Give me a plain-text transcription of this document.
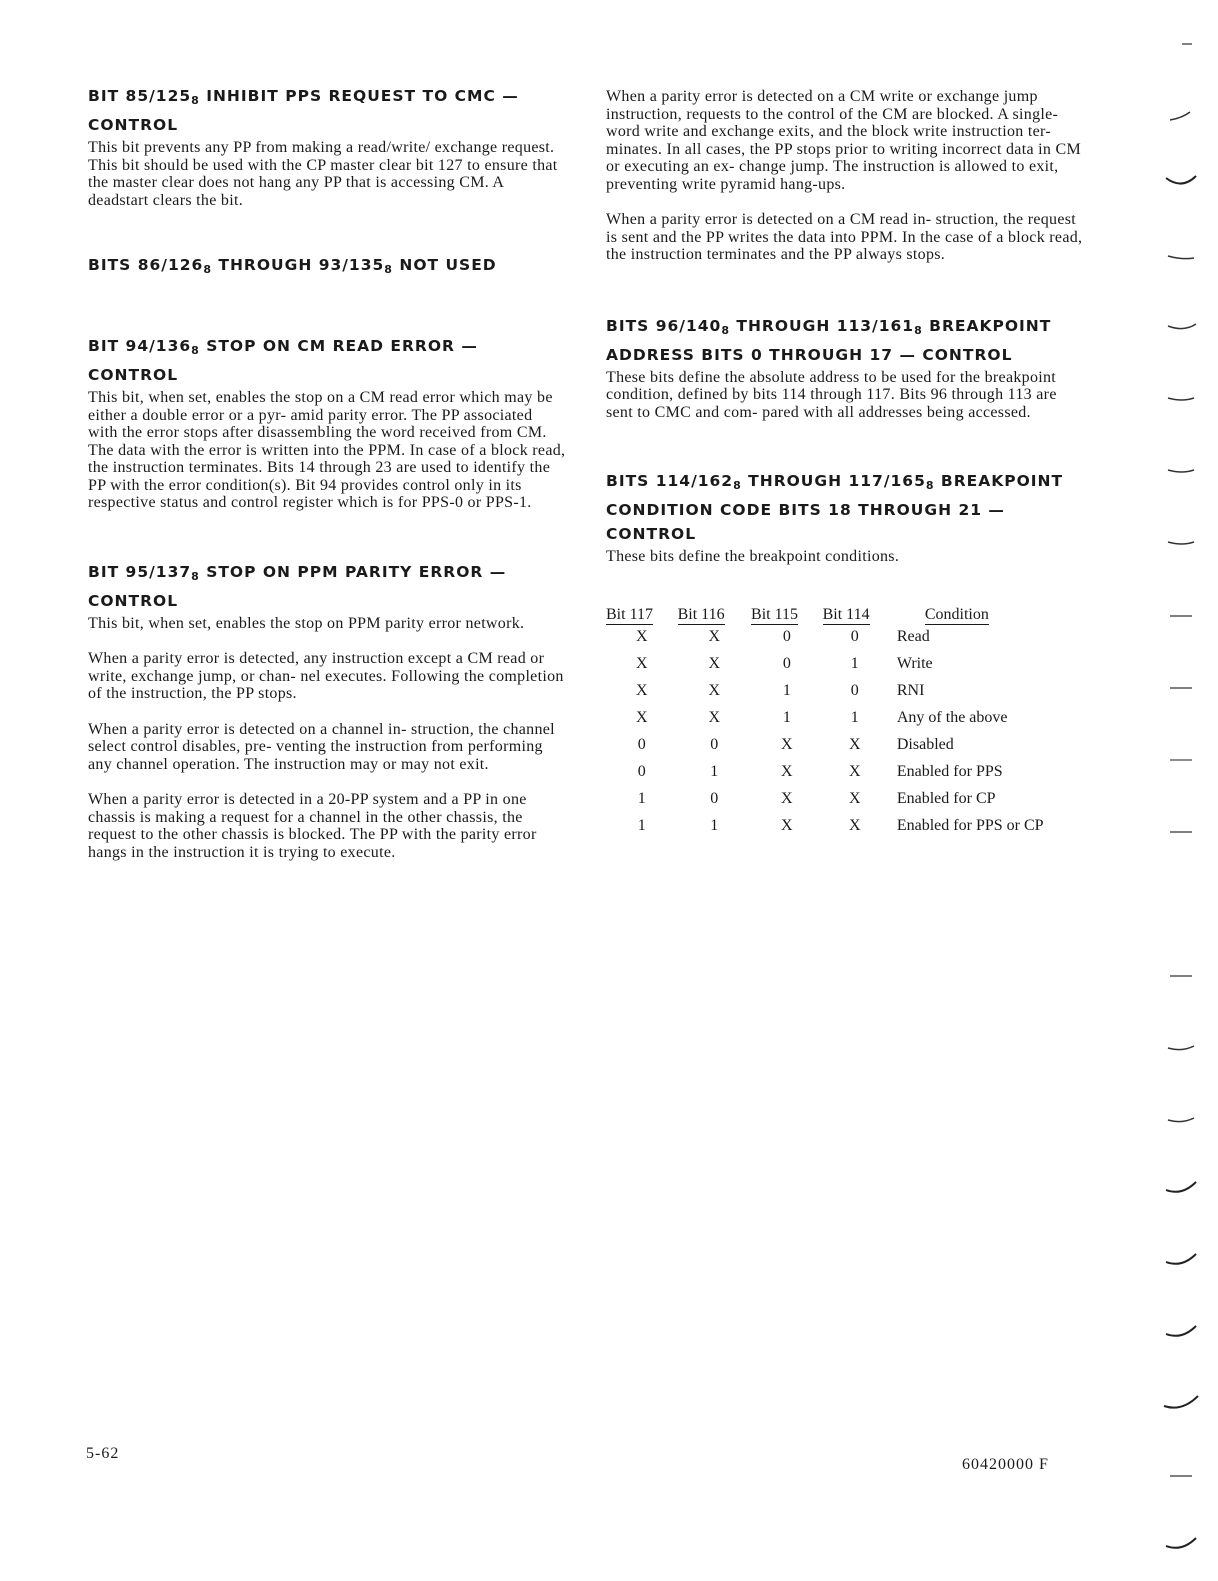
BIT $85/125_8$ INHIBIT PPS REQUEST TO CMC —
CONTROL

This bit prevents any PP from making a read/write/ exchange request. This bit should be used with the CP master clear bit 127 to ensure that the master clear does not hang any PP that is accessing CM. A deadstart clears the bit.

BITS $86/126_8$ THROUGH $93/135_8$ NOT USED
BIT $94/136_8$ STOP ON CM READ ERROR —
CONTROL

This bit, when set, enables the stop on a CM read error which may be either a double error or a pyr- amid parity error. The PP associated with the error stops after disassembling the word received from CM. The data with the error is written into the PPM. In case of a block read, the instruction terminates. Bits 14 through 23 are used to identify the PP with the error condition(s). Bit 94 provides control only in its respective status and control register which is for PPS-0 or PPS-1.

BIT $95/137_8$ STOP ON PPM PARITY ERROR —
CONTROL

This bit, when set, enables the stop on PPM parity error network.

When a parity error is detected, any instruction except a CM read or write, exchange jump, or chan- nel executes. Following the completion of the instruction, the PP stops.

When a parity error is detected on a channel in- struction, the channel select control disables, pre- venting the instruction from performing any channel operation. The instruction may or may not exit.

When a parity error is detected in a 20-PP system and a PP in one chassis is making a request for a channel in the other chassis, the request to the other chassis is blocked. The PP with the parity error hangs in the instruction it is trying to execute.

When a parity error is detected on a CM write or exchange jump instruction, requests to the control of the CM are blocked. A single-word write and exchange exits, and the block write instruction ter- minates. In all cases, the PP stops prior to writing incorrect data in CM or executing an ex- change jump. The instruction is allowed to exit, preventing write pyramid hang-ups.

When a parity error is detected on a CM read in- struction, the request is sent and the PP writes the data into PPM. In the case of a block read, the instruction terminates and the PP always stops.

BITS $96/140_8$ THROUGH $113/161_8$ BREAKPOINT
ADDRESS BITS 0 THROUGH 17 — CONTROL

These bits define the absolute address to be used for the breakpoint condition, defined by bits 114 through 117. Bits 96 through 113 are sent to CMC and com- pared with all addresses being accessed.

BITS $114/162_8$ THROUGH $117/165_8$ BREAKPOINT
CONDITION CODE BITS 18 THROUGH 21 —
CONTROL

These bits define the breakpoint conditions.

Bit 117	Bit 116	Bit 115	Bit 114	Condition
X	X	0	0	Read
X	X	0	1	Write
X	X	1	0	RNI
X	X	1	1	Any of the above
0	0	X	X	Disabled
0	1	X	X	Enabled for PPS
1	0	X	X	Enabled for CP
1	1	X	X	Enabled for PPS or CP
5-62
60420000 F
